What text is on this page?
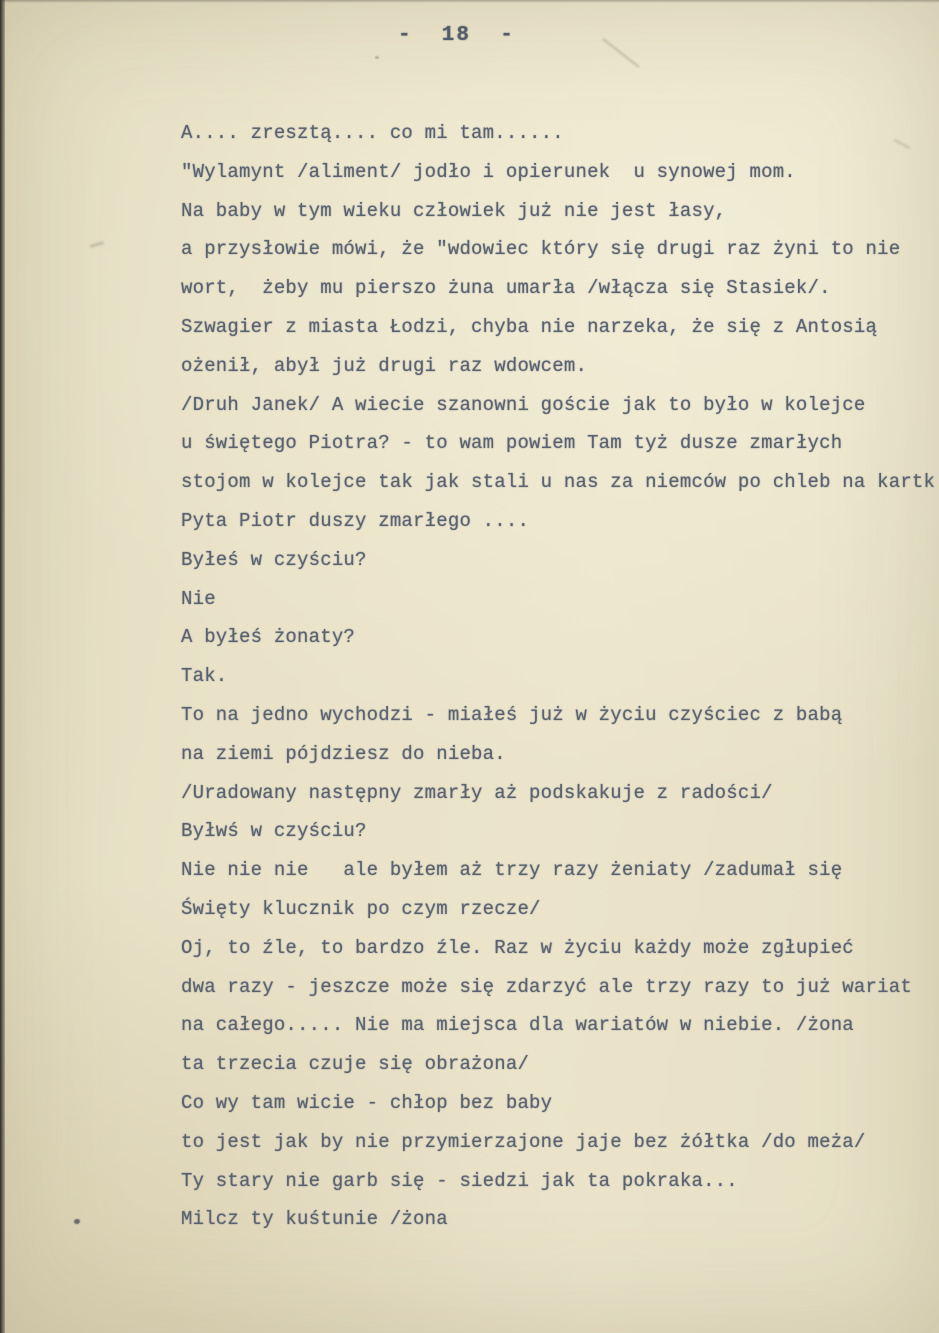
-  18  -
A.... zresztą.... co mi tam......
"Wylamynt /aliment/ jodło i opierunek  u synowej mom.
Na baby w tym wieku człowiek już nie jest łasy,
a przysłowie mówi, że "wdowiec który się drugi raz żyni to nie
wort,  żeby mu pierszo żuna umarła /włącza się Stasiek/.
Szwagier z miasta Łodzi, chyba nie narzeka, że się z Antosią
ożenił, abył już drugi raz wdowcem.
/Druh Janek/ A wiecie szanowni goście jak to było w kolejce
u świętego Piotra? - to wam powiem Tam tyż dusze zmarłych
stojom w kolejce tak jak stali u nas za niemców po chleb na kartk
Pyta Piotr duszy zmarłego ....
Byłeś w czyściu?
Nie
A byłeś żonaty?
Tak.
To na jedno wychodzi - miałeś już w życiu czyściec z babą
na ziemi pójdziesz do nieba.
/Uradowany następny zmarły aż podskakuje z radości/
Byłwś w czyściu?
Nie nie nie   ale byłem aż trzy razy żeniaty /zadumał się
Święty klucznik po czym rzecze/
Oj, to źle, to bardzo źle. Raz w życiu każdy może zgłupieć
dwa razy - jeszcze może się zdarzyć ale trzy razy to już wariat
na całego..... Nie ma miejsca dla wariatów w niebie. /żona
ta trzecia czuje się obrażona/
Co wy tam wicie - chłop bez baby
to jest jak by nie przymierzajone jaje bez żółtka /do meża/
Ty stary nie garb się - siedzi jak ta pokraka...
Milcz ty kuśtunie /żona
